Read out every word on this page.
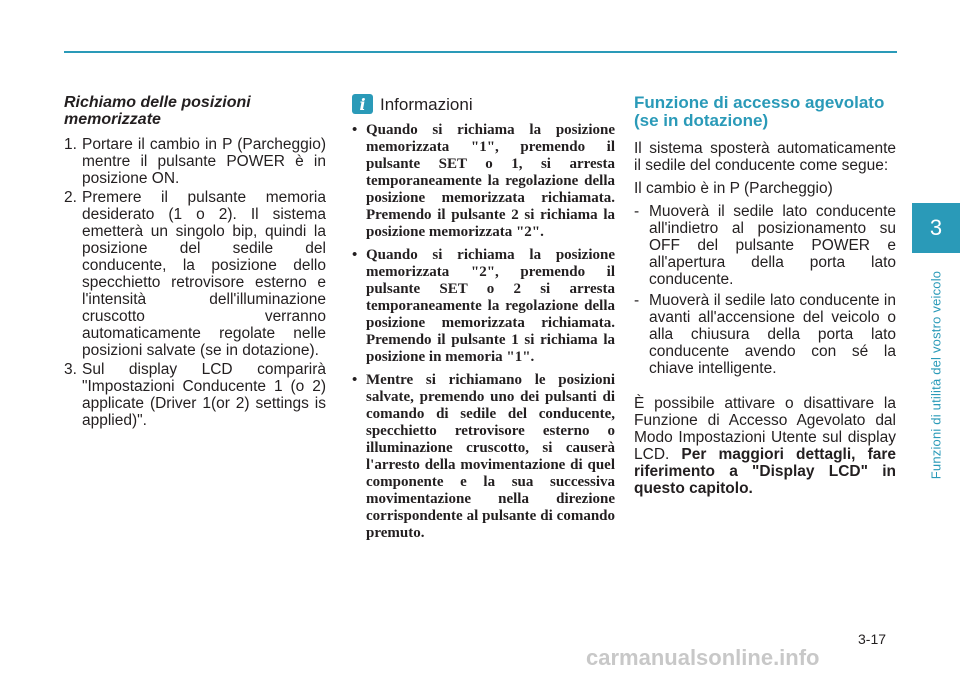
Richiamo delle posizioni memorizzate
1. Portare il cambio in P (Parcheggio) mentre il pulsante POWER è in posizione ON.
2. Premere il pulsante memoria desiderato (1 o 2). Il sistema emetterà un singolo bip, quindi la posizione del sedile del conducente, la posizione dello specchietto retrovisore esterno e l'intensità dell'illuminazione cruscotto verranno automaticamente regolate nelle posizioni salvate (se in dotazione).
3. Sul display LCD comparirà "Impostazioni Conducente 1 (o 2) applicate (Driver 1(or 2) settings is applied)".
i Informazioni
• Quando si richiama la posizione memorizzata "1", premendo il pulsante SET o 1, si arresta temporaneamente la regolazione della posizione memorizzata richiamata. Premendo il pulsante 2 si richiama la posizione memorizzata "2".
• Quando si richiama la posizione memorizzata "2", premendo il pulsante SET o 2 si arresta temporaneamente la regolazione della posizione memorizzata richiamata. Premendo il pulsante 1 si richiama la posizione in memoria "1".
• Mentre si richiamano le posizioni salvate, premendo uno dei pulsanti di comando di sedile del conducente, specchietto retrovisore esterno o illuminazione cruscotto, si causerà l'arresto della movimentazione di quel componente e la sua successiva movimentazione nella direzione corrispondente al pulsante di comando premuto.
Funzione di accesso agevolato (se in dotazione)

Il sistema sposterà automaticamente il sedile del conducente come segue:

Il cambio è in P (Parcheggio)

- Muoverà il sedile lato conducente all'indietro al posizionamento su OFF del pulsante POWER e all'apertura della porta lato conducente.
- Muoverà il sedile lato conducente in avanti all'accensione del veicolo o alla chiusura della porta lato conducente avendo con sé la chiave intelligente.

È possibile attivare o disattivare la Funzione di Accesso Agevolato dal Modo Impostazioni Utente sul display LCD. Per maggiori dettagli, fare riferimento a "Display LCD" in questo capitolo.

3
Funzioni di utilità del vostro veicolo
3-17
carmanualsonline.info
